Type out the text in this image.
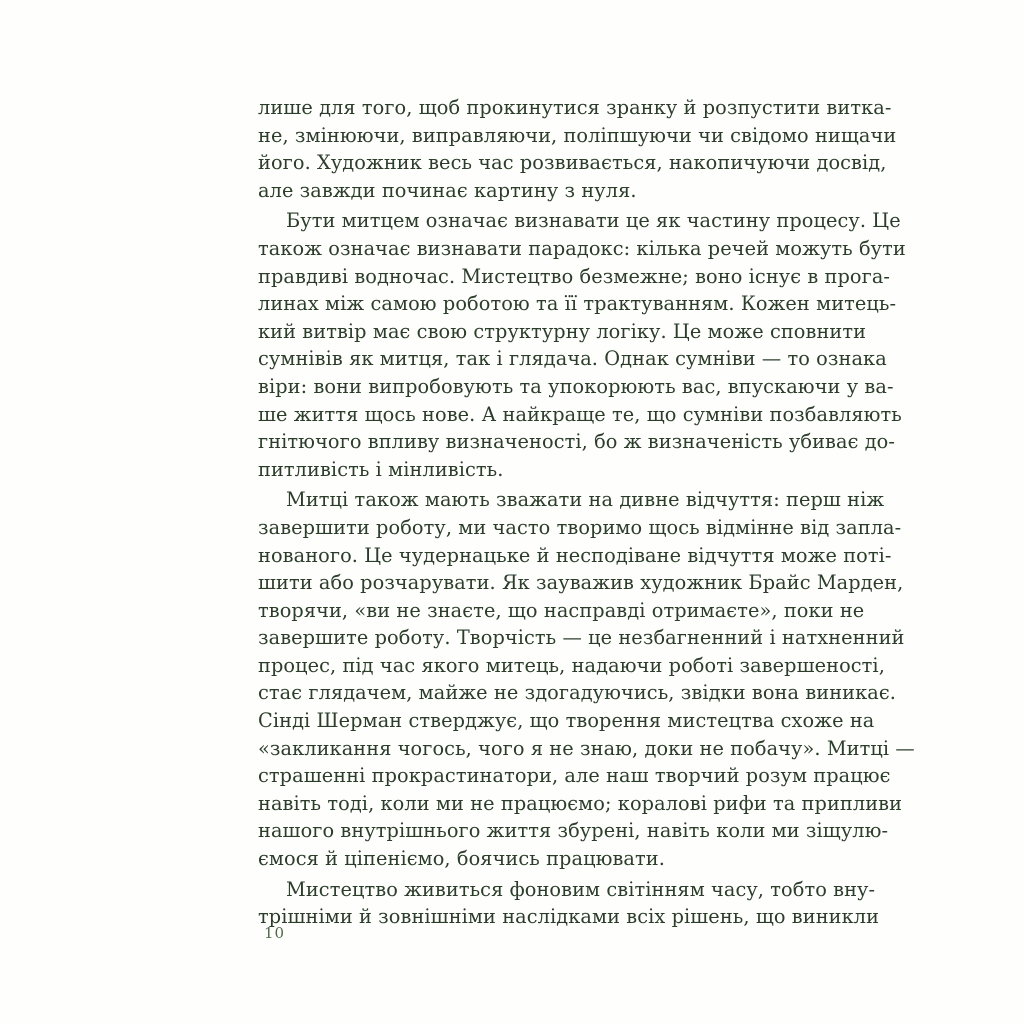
лише для того, щоб прокинутися зранку й розпустити витка-
не, змінюючи, виправляючи, поліпшуючи чи свідомо нищачи
його. Художник весь час розвивається, накопичуючи досвід,
але завжди починає картину з нуля.
Бути митцем означає визнавати це як частину процесу. Це
також означає визнавати парадокс: кілька речей можуть бути
правдиві водночас. Мистецтво безмежне; воно існує в прога-
линах між самою роботою та її трактуванням. Кожен митець-
кий витвір має свою структурну логіку. Це може сповнити
сумнівів як митця, так і глядача. Однак сумніви — то ознака
віри: вони випробовують та упокорюють вас, впускаючи у ва-
ше життя щось нове. А найкраще те, що сумніви позбавляють
гнітючого впливу визначеності, бо ж визначеність убиває до-
питливість і мінливість.
Митці також мають зважати на дивне відчуття: перш ніж
завершити роботу, ми часто творимо щось відмінне від запла-
нованого. Це чудернацьке й несподіване відчуття може поті-
шити або розчарувати. Як зауважив художник Брайс Марден,
творячи, «ви не знаєте, що насправді отримаєте», поки не
завершите роботу. Творчість — це незбагненний і натхненний
процес, під час якого митець, надаючи роботі завершеності,
стає глядачем, майже не здогадуючись, звідки вона виникає.
Сінді Шерман стверджує, що творення мистецтва схоже на
«закликання чогось, чого я не знаю, доки не побачу». Митці —
страшенні прокрастинатори, але наш творчий розум працює
навіть тоді, коли ми не працюємо; коралові рифи та припливи
нашого внутрішнього життя збурені, навіть коли ми зіщулю-
ємося й ціпеніємо, боячись працювати.
Мистецтво живиться фоновим світінням часу, тобто вну-
трішніми й зовнішніми наслідками всіх рішень, що виникли
10
